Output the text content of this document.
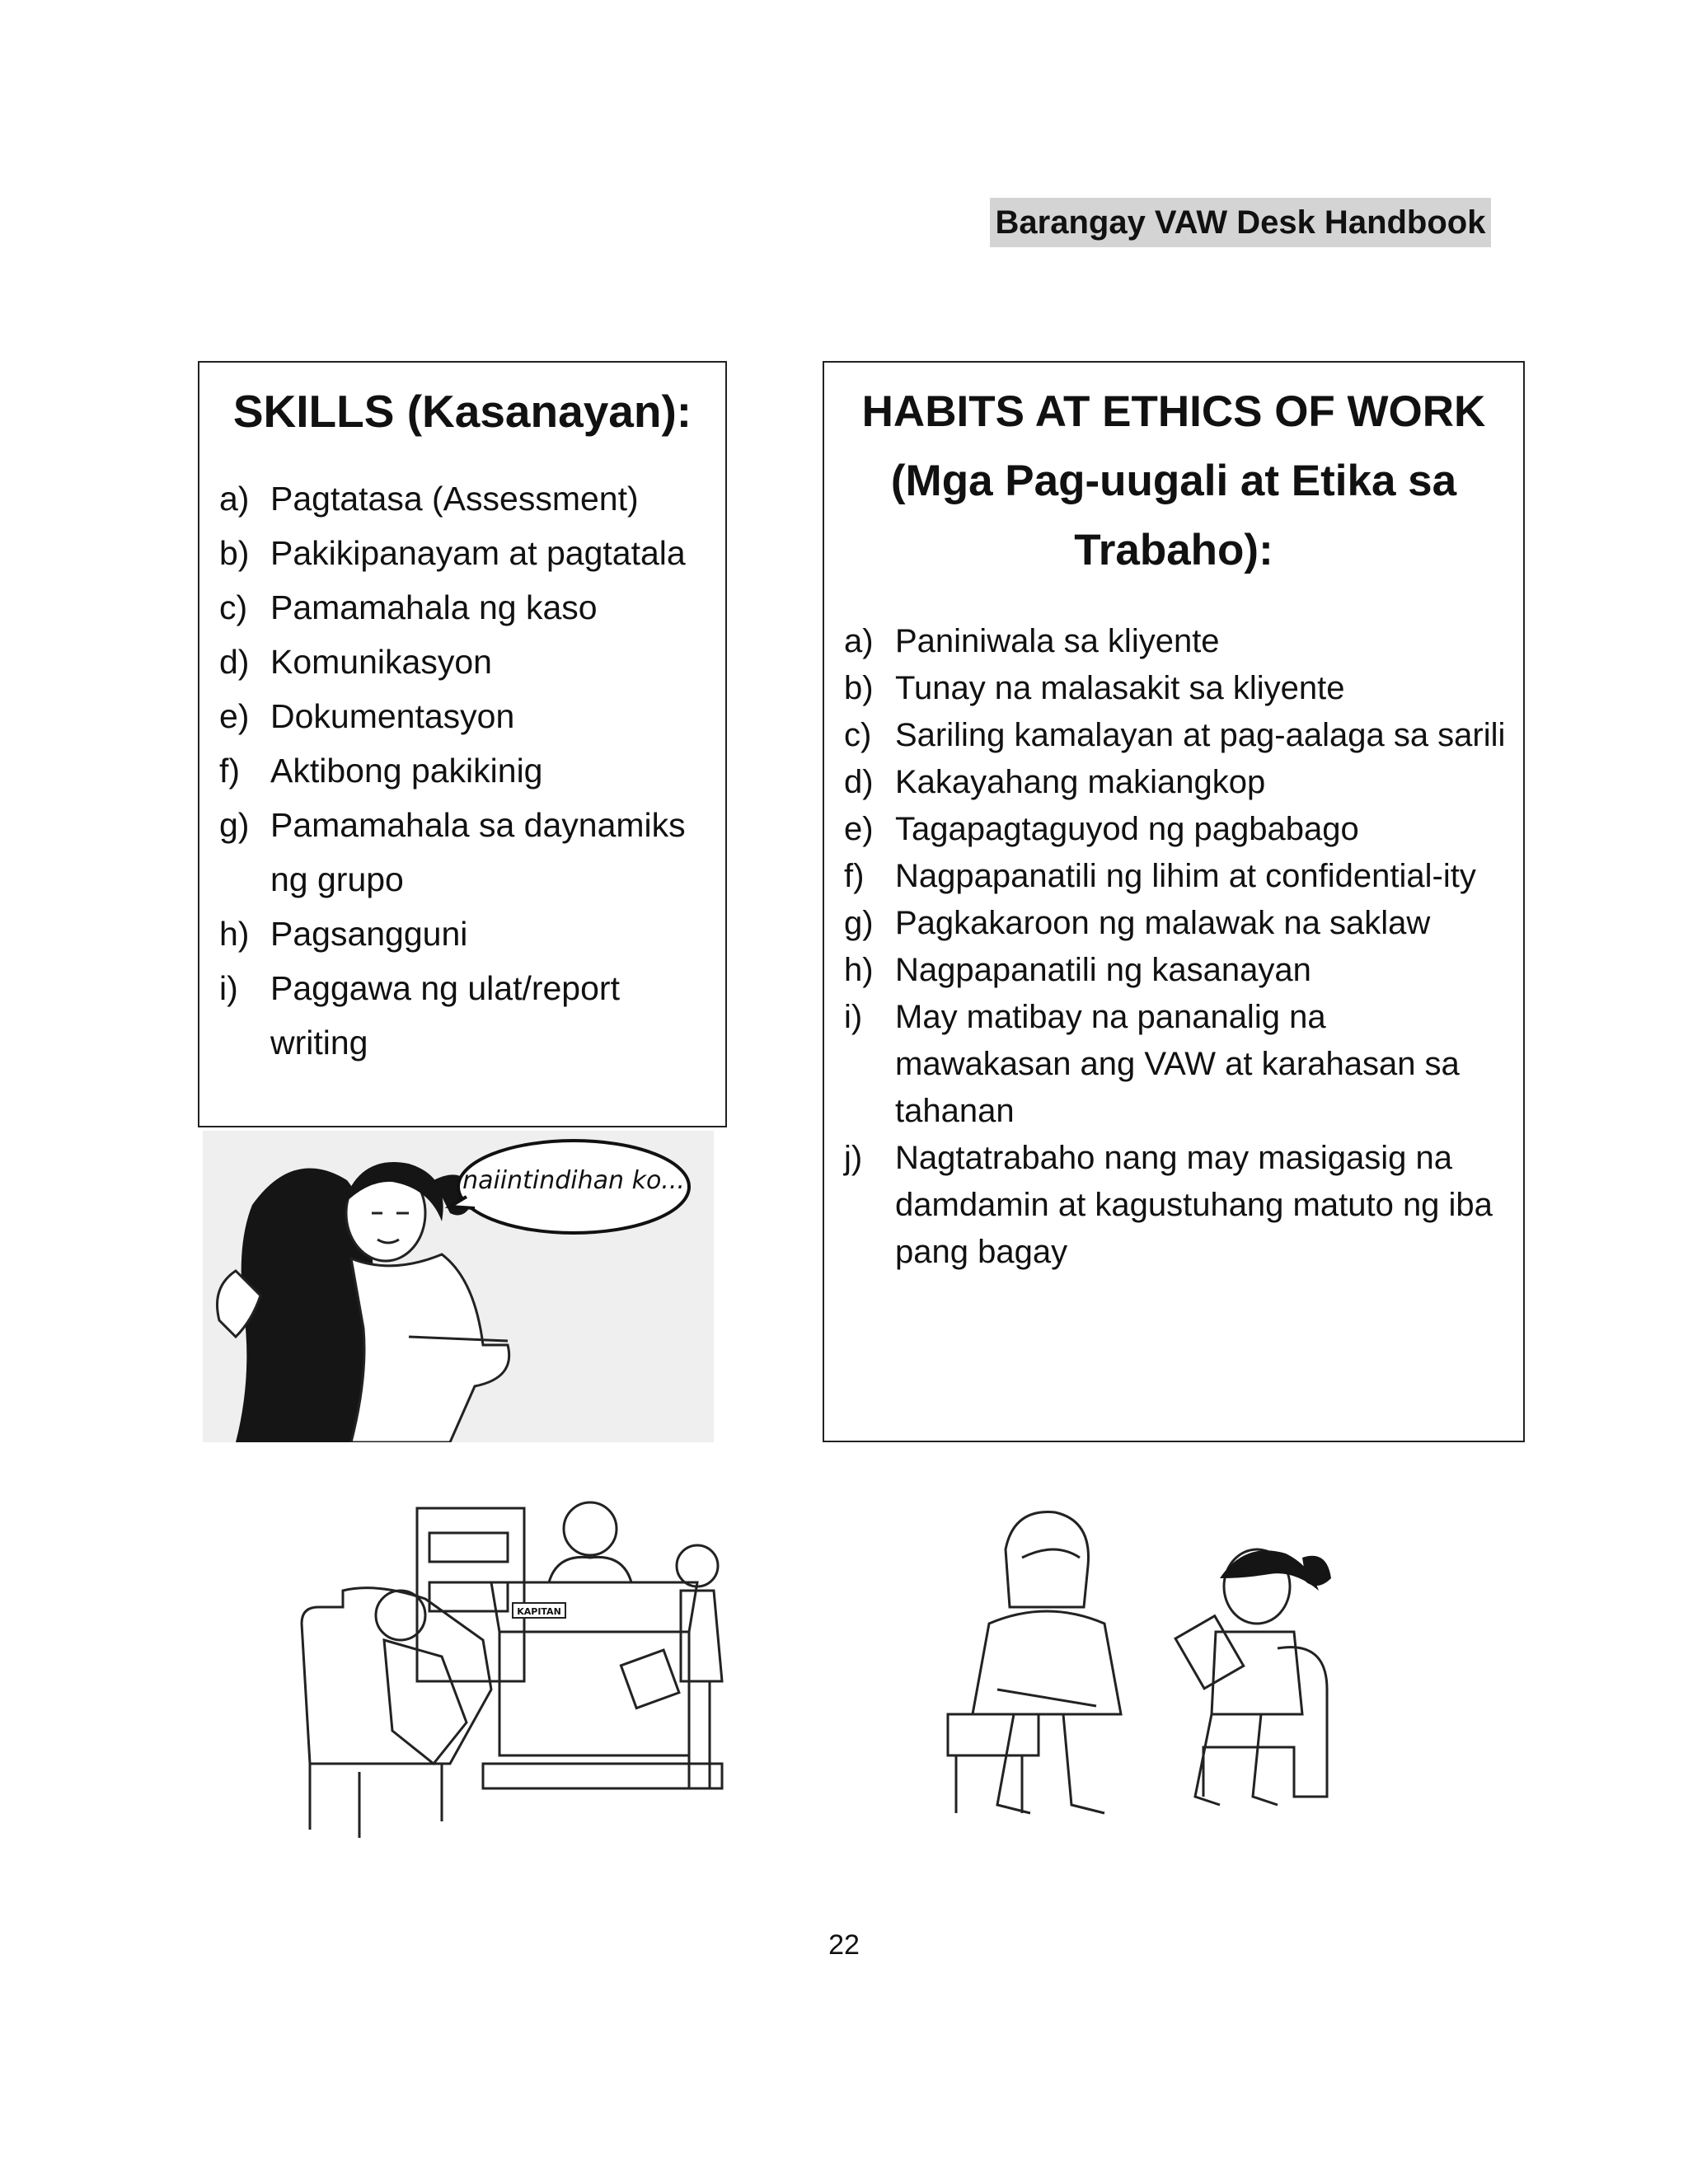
Barangay VAW Desk Handbook
SKILLS (Kasanayan):
a) Pagtatasa (Assessment)
b) Pakikipanayam at pagtatala
c) Pamamahala ng kaso
d) Komunikasyon
e) Dokumentasyon
f) Aktibong pakikinig
g) Pamamahala sa daynamiks ng grupo
h) Pagsangguni
i) Paggawa ng ulat/report writing
HABITS AT ETHICS OF WORK (Mga Pag-uugali at Etika sa Trabaho):
a) Paniniwala sa kliyente
b) Tunay na malasakit sa kliyente
c) Sariling kamalayan at pag-aalaga sa sarili
d) Kakayahang makiangkop
e) Tagapagtaguyod ng pagbabago
f) Nagpapanatili ng lihim at confidential-ity
g) Pagkakaroon ng malawak na saklaw
h) Nagpapanatili ng kasanayan
i) May matibay na pananalig na mawakasan ang VAW at karahasan sa tahanan
j) Nagtatrabaho nang may masigasig na damdamin at kagustuhang matuto ng iba pang bagay
naiintindihan ko...
KAPITAN
22
